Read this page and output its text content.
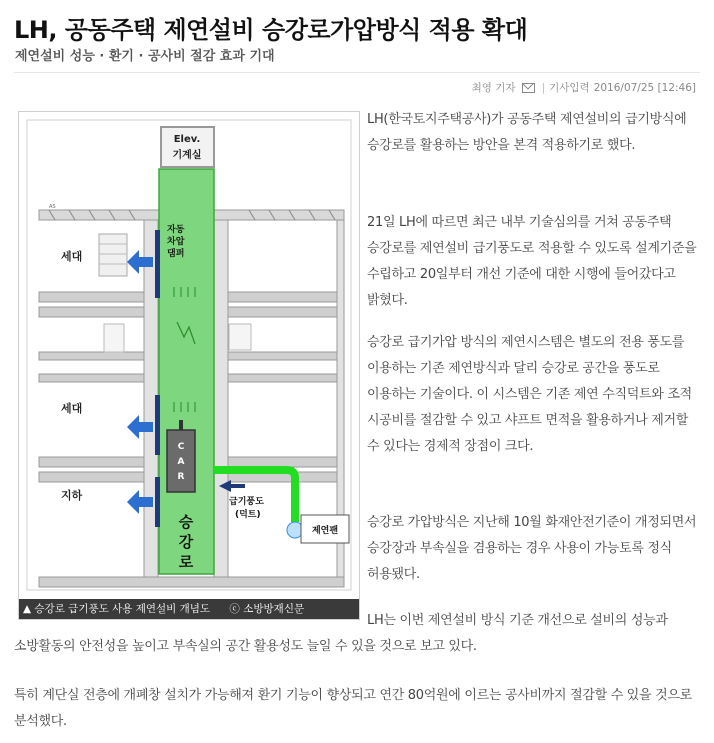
LH, 공동주택 제연설비 승강로가압방식 적용 확대
제연설비 성능 · 환기 · 공사비 절감 효과 기대
최영 기자 | 기사입력 2016/07/25 [12:46]
AS
Elev.
기계실
승
강
로
자동
차압
댐퍼
세대
세대
지하
C
A
R
급기풍도
(덕트)
제연팬
▲ 승강로 급기풍도 사용 제연설비 개념도 ⓒ 소방방재신문
LH(한국토지주택공사)가 공동주택 제연설비의 급기방식에 승강로를 활용하는 방안을 본격 적용하기로 했다.
21일 LH에 따르면 최근 내부 기술심의를 거쳐 공동주택 승강로를 제연설비 급기풍도로 적용할 수 있도록 설계기준을 수립하고 20일부터 개선 기준에 대한 시행에 들어갔다고 밝혔다.
승강로 급기가압 방식의 제연시스템은 별도의 전용 풍도를 이용하는 기존 제연방식과 달리 승강로 공간을 풍도로 이용하는 기술이다. 이 시스템은 기존 제연 수직덕트와 조적 시공비를 절감할 수 있고 샤프트 면적을 활용하거나 제거할 수 있다는 경제적 장점이 크다.
승강로 가압방식은 지난해 10월 화재안전기준이 개정되면서 승강장과 부속실을 겸용하는 경우 사용이 가능토록 정식 허용됐다.
LH는 이번 제연설비 방식 기준 개선으로 설비의 성능과 소방활동의 안전성을 높이고 부속실의 공간 활용성도 늘일 수 있을 것으로 보고 있다.
특히 계단실 전층에 개폐창 설치가 가능해져 환기 기능이 향상되고 연간 80억원에 이르는 공사비까지 절감할 수 있을 것으로 분석했다.
